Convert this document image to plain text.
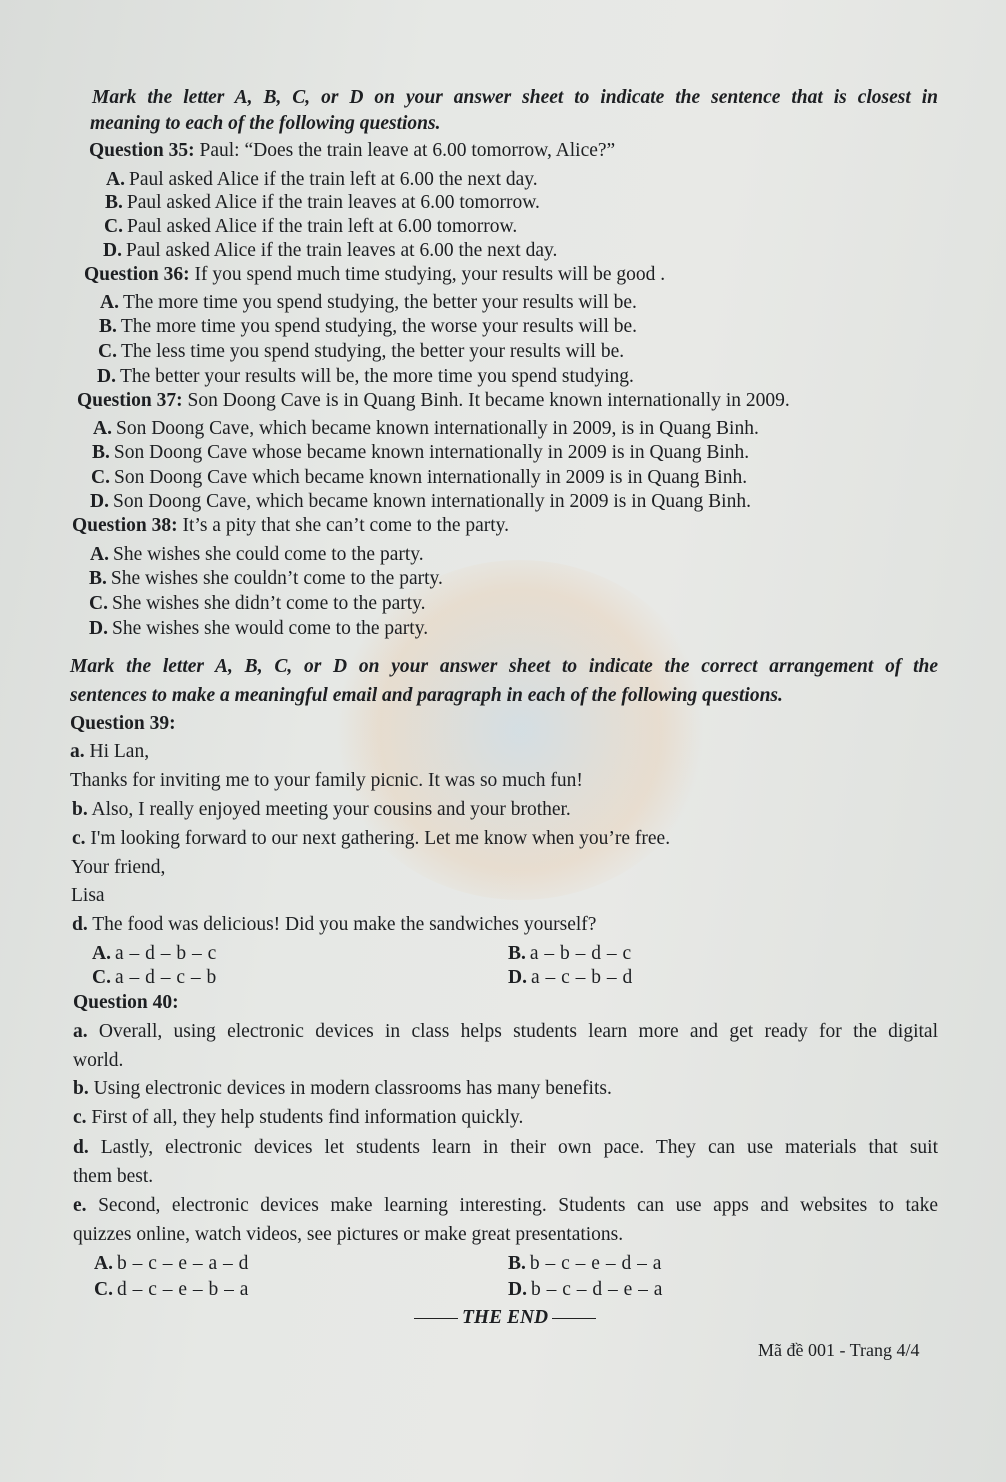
Mark the letter A, B, C, or D on your answer sheet to indicate the sentence that is closest in
meaning to each of the following questions.
Question 35: Paul: “Does the train leave at 6.00 tomorrow, Alice?”
A. Paul asked Alice if the train left at 6.00 the next day.
B. Paul asked Alice if the train leaves at 6.00 tomorrow.
C. Paul asked Alice if the train left at 6.00 tomorrow.
D. Paul asked Alice if the train leaves at 6.00 the next day.
Question 36: If you spend much time studying, your results will be good .
A. The more time you spend studying, the better your results will be.
B. The more time you spend studying, the worse your results will be.
C. The less time you spend studying, the better your results will be.
D. The better your results will be, the more time you spend studying.
Question 37: Son Doong Cave is in Quang Binh. It became known internationally in 2009.
A. Son Doong Cave, which became known internationally in 2009, is in Quang Binh.
B. Son Doong Cave whose became known internationally in 2009 is in Quang Binh.
C. Son Doong Cave which became known internationally in 2009 is in Quang Binh.
D. Son Doong Cave, which became known internationally in 2009 is in Quang Binh.
Question 38: It’s a pity that she can’t come to the party.
A. She wishes she could come to the party.
B. She wishes she couldn’t come to the party.
C. She wishes she didn’t come to the party.
D. She wishes she would come to the party.
Mark the letter A, B, C, or D on your answer sheet to indicate the correct arrangement of the
sentences to make a meaningful email and paragraph in each of the following questions.
Question 39:
a. Hi Lan,
Thanks for inviting me to your family picnic. It was so much fun!
b. Also, I really enjoyed meeting your cousins and your brother.
c. I'm looking forward to our next gathering. Let me know when you’re free.
Your friend,
Lisa
d. The food was delicious! Did you make the sandwiches yourself?
A. a – d – b – c	B. a – b – d – c
C. a – d – c – b	D. a – c – b – d
Question 40:
a. Overall, using electronic devices in class helps students learn more and get ready for the digital
world.
b. Using electronic devices in modern classrooms has many benefits.
c. First of all, they help students find information quickly.
d. Lastly, electronic devices let students learn in their own pace. They can use materials that suit
them best.
e. Second, electronic devices make learning interesting. Students can use apps and websites to take
quizzes online, watch videos, see pictures or make great presentations.
A. b – c – e – a – d	B. b – c – e – d – a
C. d – c – e – b – a	D. b – c – d – e – a
THE END
Mã đề 001 - Trang 4/4
